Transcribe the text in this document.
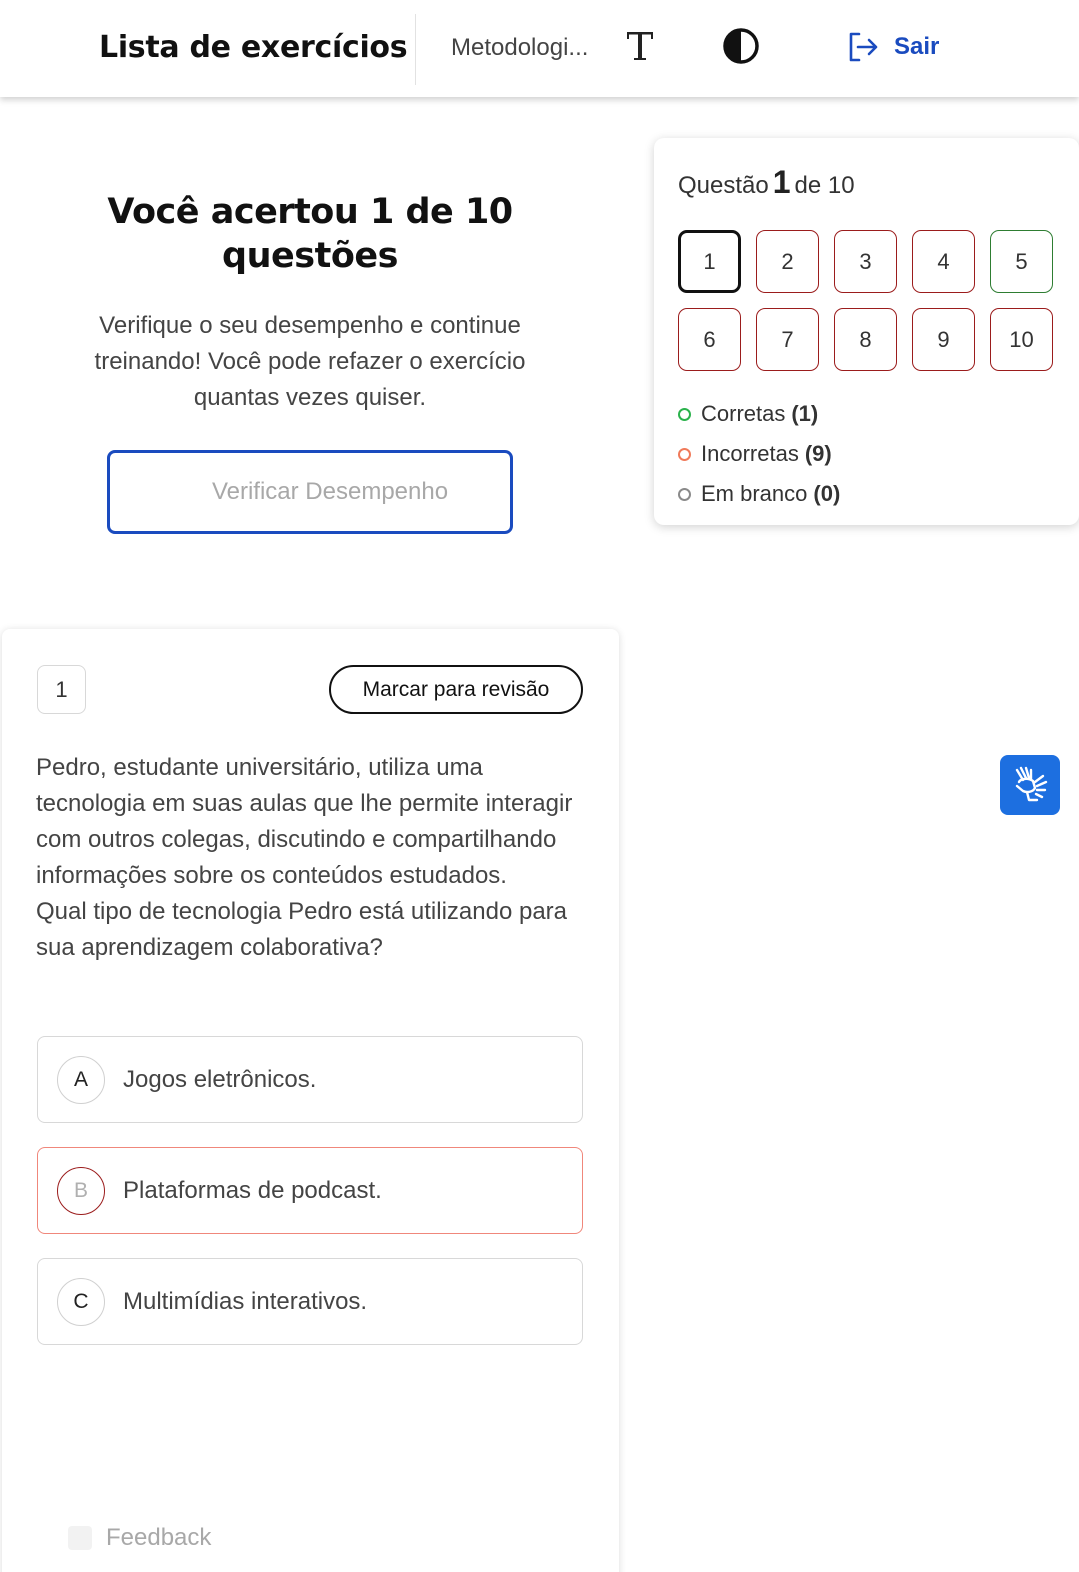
Lista de exercícios Metodologi...	Sair
Você acertou 1 de 10 questões

Verifique o seu desempenho e continue treinando! Você pode refazer o exercício quantas vezes quiser.

Verificar Desempenho
Questão 1 de 10
1	2	3	4	5
6	7	8	9	10
Corretas (1)
Incorretas (9)
Em branco (0)
1	Marcar para revisão
Pedro, estudante universitário, utiliza uma tecnologia em suas aulas que lhe permite interagir com outros colegas, discutindo e compartilhando informações sobre os conteúdos estudados.
Qual tipo de tecnologia Pedro está utilizando para sua aprendizagem colaborativa?
A	Jogos eletrônicos.
B	Plataformas de podcast.
C	Multimídias interativos.
Feedback
